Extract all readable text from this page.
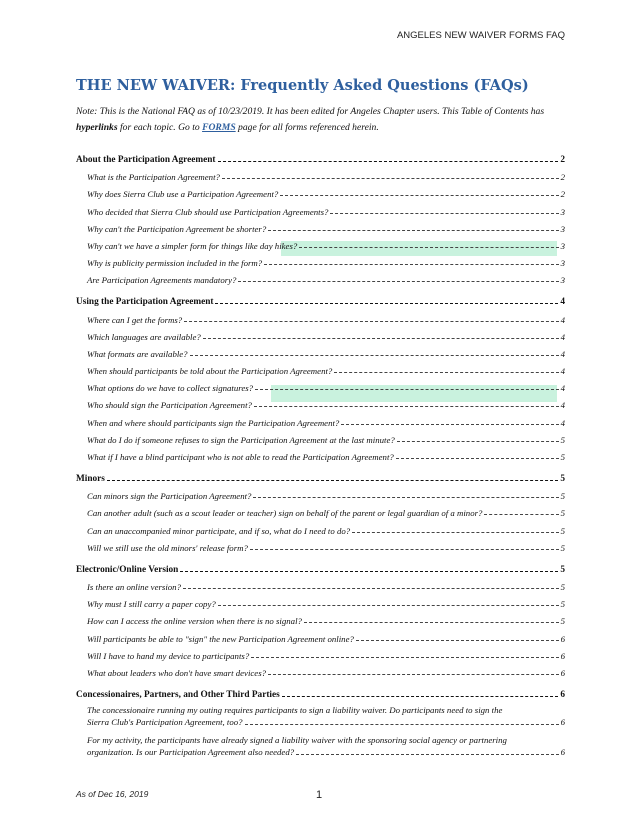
ANGELES NEW WAIVER FORMS FAQ
THE NEW WAIVER: Frequently Asked Questions (FAQs)
Note: This is the National FAQ as of 10/23/2019. It has been edited for Angeles Chapter users. This Table of Contents has hyperlinks for each topic. Go to FORMS page for all forms referenced herein.
About the Participation Agreement	2
What is the Participation Agreement?	2
Why does Sierra Club use a Participation Agreement?	2
Who decided that Sierra Club should use Participation Agreements?	3
Why can't the Participation Agreement be shorter?	3
Why can't we have a simpler form for things like day hikes?	3
Why is publicity permission included in the form?	3
Are Participation Agreements mandatory?	3
Using the Participation Agreement	4
Where can I get the forms?	4
Which languages are available?	4
What formats are available?	4
When should participants be told about the Participation Agreement?	4
What options do we have to collect signatures?	4
Who should sign the Participation Agreement?	4
When and where should participants sign the Participation Agreement?	4
What do I do if someone refuses to sign the Participation Agreement at the last minute?	5
What if I have a blind participant who is not able to read the Participation Agreement?	5
Minors	5
Can minors sign the Participation Agreement?	5
Can another adult (such as a scout leader or teacher) sign on behalf of the parent or legal guardian of a minor?	5
Can an unaccompanied minor participate, and if so, what do I need to do?	5
Will we still use the old minors' release form?	5
Electronic/Online Version	5
Is there an online version?	5
Why must I still carry a paper copy?	5
How can I access the online version when there is no signal?	5
Will participants be able to "sign" the new Participation Agreement online?	6
Will I have to hand my device to participants?	6
What about leaders who don't have smart devices?	6
Concessionaires, Partners, and Other Third Parties	6
The concessionaire running my outing requires participants to sign a liability waiver. Do participants need to sign the
Sierra Club's Participation Agreement, too?	6
For my activity, the participants have already signed a liability waiver with the sponsoring social agency or partnering
organization. Is our Participation Agreement also needed?	6
As of Dec 16, 2019	1
